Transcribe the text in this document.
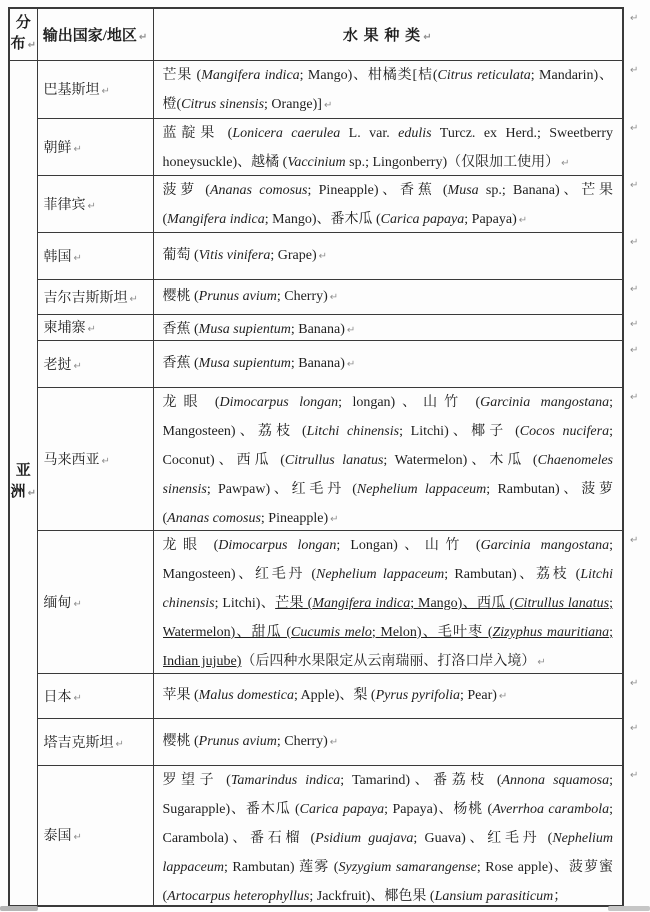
分
布 ↵	输出国家/地区 ↵	水 果 种 类 ↵

亚
洲 ↵	巴基斯坦 ↵	芒果 (Mangifera indica; Mango)、柑橘类[桔(Citrus reticulata; Mandarin)、橙(Citrus sinensis; Orange)] ↵

	朝鲜 ↵	蓝靛果 (Lonicera caerulea L. var. edulis Turcz. ex Herd.; Sweetberry honeysuckle)、越橘 (Vaccinium sp.; Lingonberry)（仅限加工使用） ↵

	菲律宾 ↵	菠萝 (Ananas comosus; Pineapple)、香蕉 (Musa sp.; Banana)、芒果 (Mangifera indica; Mango)、番木瓜 (Carica papaya; Papaya) ↵

	韩国 ↵	葡萄 (Vitis vinifera; Grape) ↵

	吉尔吉斯斯坦 ↵	樱桃 (Prunus avium; Cherry) ↵

	柬埔寨 ↵	香蕉 (Musa supientum; Banana) ↵

	老挝 ↵	香蕉 (Musa supientum; Banana) ↵

	马来西亚 ↵	龙眼 (Dimocarpus longan; longan)、山竹 (Garcinia mangostana; Mangosteen)、荔枝 (Litchi chinensis; Litchi)、椰子 (Cocos nucifera; Coconut)、西瓜 (Citrullus lanatus; Watermelon)、木瓜 (Chaenomeles sinensis; Pawpaw)、红毛丹 (Nephelium lappaceum; Rambutan)、菠萝 (Ananas comosus; Pineapple) ↵

	缅甸 ↵	龙眼 (Dimocarpus longan; Longan)、山竹 (Garcinia mangostana; Mangosteen)、红毛丹 (Nephelium lappaceum; Rambutan)、荔枝 (Litchi chinensis; Litchi)、芒果 (Mangifera indica; Mango)、西瓜 (Citrullus lanatus; Watermelon)、甜瓜 (Cucumis melo; Melon)、毛叶枣 (Zizyphus mauritiana; Indian jujube)（后四种水果限定从云南瑞丽、打洛口岸入境） ↵

	日本 ↵	苹果 (Malus domestica; Apple)、梨 (Pyrus pyrifolia; Pear) ↵

	塔吉克斯坦 ↵	樱桃 (Prunus avium; Cherry) ↵

	泰国 ↵	罗望子 (Tamarindus indica; Tamarind)、番荔枝 (Annona squamosa; Sugarapple)、番木瓜 (Carica papaya; Papaya)、杨桃 (Averrhoa carambola; Carambola)、番石榴 (Psidium guajava; Guava)、红毛丹 (Nephelium lappaceum; Rambutan) 莲雾 (Syzygium samarangense; Rose apple)、菠萝蜜 (Artocarpus heterophyllus; Jackfruit)、椰色果 (Lansium parasiticum；
↵
↵
↵
↵
↵
↵
↵
↵
↵
↵
↵
↵
↵
